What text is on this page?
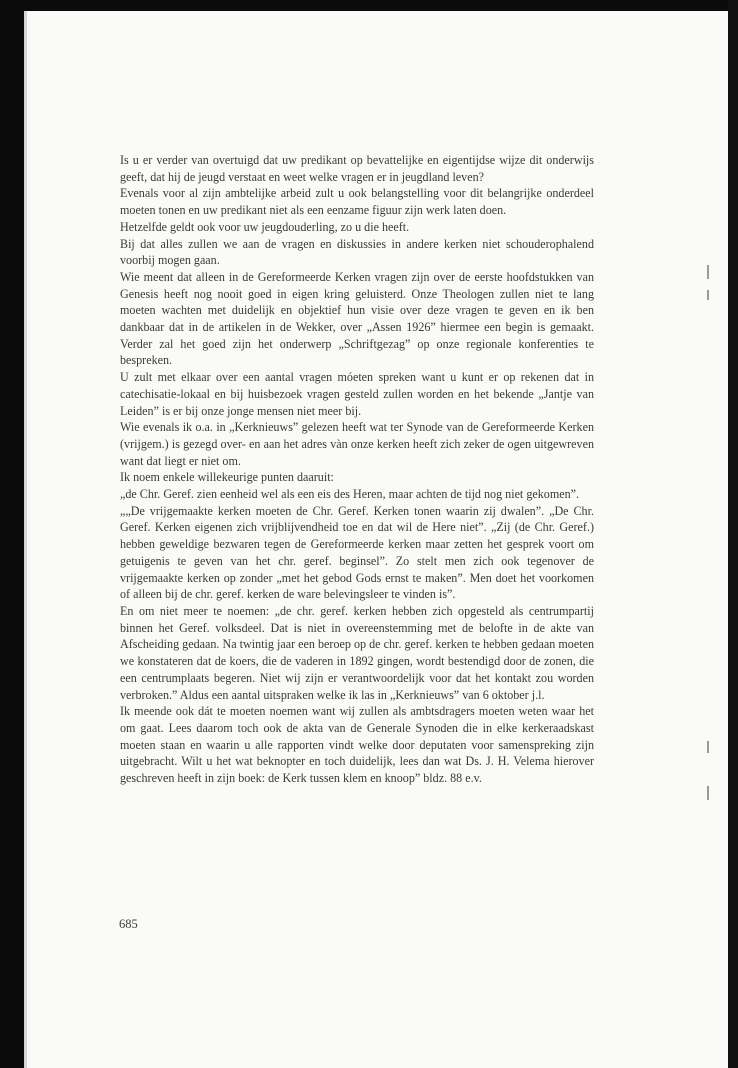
Is u er verder van overtuigd dat uw predikant op bevattelijke en eigentijdse wijze dit onderwijs geeft, dat hij de jeugd verstaat en weet welke vragen er in jeugdland leven?

Evenals voor al zijn ambtelijke arbeid zult u ook belangstelling voor dit belangrijke onderdeel moeten tonen en uw predikant niet als een eenzame figuur zijn werk laten doen.

Hetzelfde geldt ook voor uw jeugdouderling, zo u die heeft.

Bij dat alles zullen we aan de vragen en diskussies in andere kerken niet schouderophalend voorbij mogen gaan.

Wie meent dat alleen in de Gereformeerde Kerken vragen zijn over de eerste hoofdstukken van Genesis heeft nog nooit goed in eigen kring geluisterd. Onze Theologen zullen niet te lang moeten wachten met duidelijk en objektief hun visie over deze vragen te geven en ik ben dankbaar dat in de artikelen in de Wekker, over „Assen 1926” hiermee een begin is gemaakt. Verder zal het goed zijn het onderwerp „Schriftgezag” op onze regionale konferenties te bespreken.

U zult met elkaar over een aantal vragen móeten spreken want u kunt er op rekenen dat in catechisatie-lokaal en bij huisbezoek vragen gesteld zullen worden en het bekende „Jantje van Leiden” is er bij onze jonge mensen niet meer bij.

Wie evenals ik o.a. in „Kerknieuws” gelezen heeft wat ter Synode van de Gereformeerde Kerken (vrijgem.) is gezegd over- en aan het adres vàn onze kerken heeft zich zeker de ogen uitgewreven want dat liegt er niet om.

Ik noem enkele willekeurige punten daaruit:

„de Chr. Geref. zien eenheid wel als een eis des Heren, maar achten de tijd nog niet gekomen”.

„„De vrijgemaakte kerken moeten de Chr. Geref. Kerken tonen waarin zij dwalen”. „De Chr. Geref. Kerken eigenen zich vrijblijvendheid toe en dat wil de Here niet”. „Zij (de Chr. Geref.) hebben geweldige bezwaren tegen de Gereformeerde kerken maar zetten het gesprek voort om getuigenis te geven van het chr. geref. beginsel”. Zo stelt men zich ook tegenover de vrijgemaakte kerken op zonder „met het gebod Gods ernst te maken”. Men doet het voorkomen of alleen bij de chr. geref. kerken de ware belevingsleer te vinden is”.

En om niet meer te noemen: „de chr. geref. kerken hebben zich opgesteld als centrumpartij binnen het Geref. volksdeel. Dat is niet in overeenstemming met de belofte in de akte van Afscheiding gedaan. Na twintig jaar een beroep op de chr. geref. kerken te hebben gedaan moeten we konstateren dat de koers, die de vaderen in 1892 gingen, wordt bestendigd door de zonen, die een centrumplaats begeren. Niet wij zijn er verantwoordelijk voor dat het kontakt zou worden verbroken.” Aldus een aantal uitspraken welke ik las in „Kerknieuws” van 6 oktober j.l.

Ik meende ook dát te moeten noemen want wij zullen als ambtsdragers moeten weten waar het om gaat. Lees daarom toch ook de akta van de Generale Synoden die in elke kerkeraadskast moeten staan en waarin u alle rapporten vindt welke door deputaten voor samenspreking zijn uitgebracht. Wilt u het wat beknopter en toch duidelijk, lees dan wat Ds. J. H. Velema hierover geschreven heeft in zijn boek: de Kerk tussen klem en knoop” bldz. 88 e.v.

685
